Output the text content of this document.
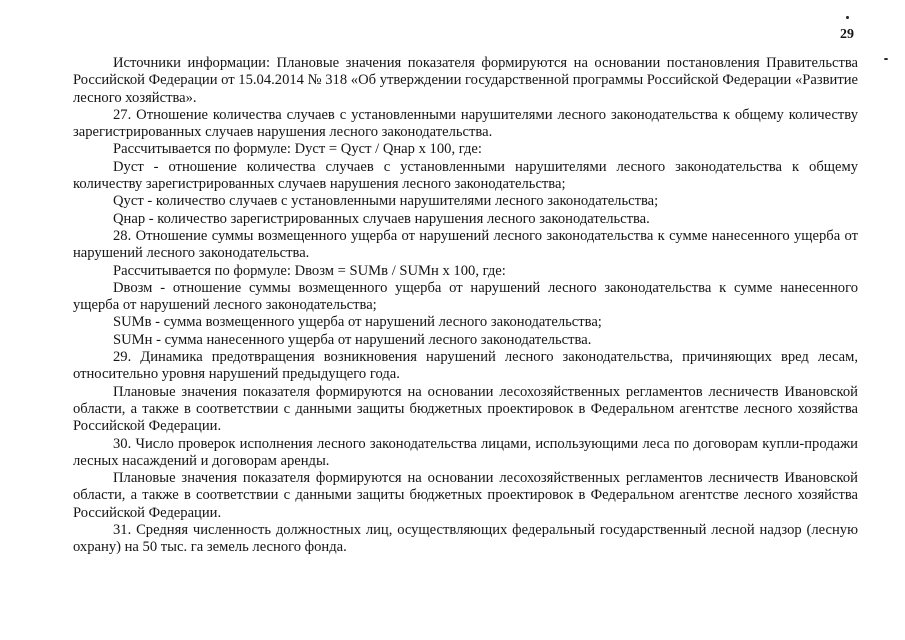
29

Источники информации: Плановые значения показателя формируются на основании постановления Правительства Российской Федерации от 15.04.2014 № 318 «Об утверждении государственной программы Российской Федерации «Развитие лесного хозяйства».

27. Отношение количества случаев с установленными нарушителями лесного законодательства к общему количеству зарегистрированных случаев нарушения лесного законодательства.

Рассчитывается по формуле: Dуст = Qуст / Qнар х 100, где:

Dуст - отношение количества случаев с установленными нарушителями лесного законодательства к общему количеству зарегистрированных случаев нарушения лесного законодательства;

Qуст - количество случаев с установленными нарушителями лесного законодательства;

Qнар - количество зарегистрированных случаев нарушения лесного законодательства.

28. Отношение суммы возмещенного ущерба от нарушений лесного законодательства к сумме нанесенного ущерба от нарушений лесного законодательства.

Рассчитывается по формуле: Dвозм = SUMв / SUMн х 100, где:

Dвозм - отношение суммы возмещенного ущерба от нарушений лесного законодательства к сумме нанесенного ущерба от нарушений лесного законодательства;

SUMв - сумма возмещенного ущерба от нарушений лесного законодательства;

SUMн - сумма нанесенного ущерба от нарушений лесного законодательства.

29. Динамика предотвращения возникновения нарушений лесного законодательства, причиняющих вред лесам, относительно уровня нарушений предыдущего года.

Плановые значения показателя формируются на основании лесохозяйственных регламентов лесничеств Ивановской области, а также в соответствии с данными защиты бюджетных проектировок в Федеральном агентстве лесного хозяйства Российской Федерации.

30. Число проверок исполнения лесного законодательства лицами, использующими леса по договорам купли-продажи лесных насаждений и договорам аренды.

Плановые значения показателя формируются на основании лесохозяйственных регламентов лесничеств Ивановской области, а также в соответствии с данными защиты бюджетных проектировок в Федеральном агентстве лесного хозяйства Российской Федерации.

31. Средняя численность должностных лиц, осуществляющих федеральный государственный лесной надзор (лесную охрану) на 50 тыс. га земель лесного фонда.
